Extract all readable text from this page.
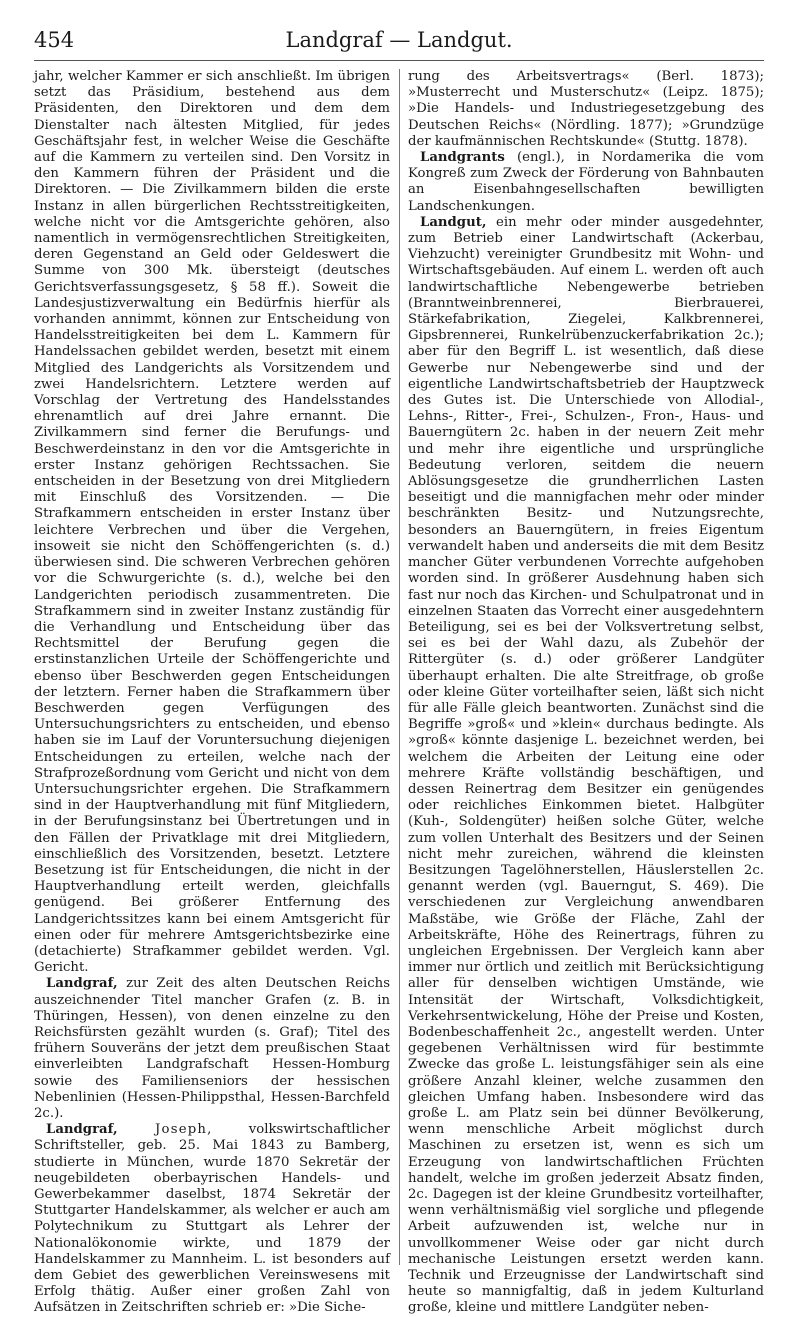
454	Landgraf — Landgut.

jahr, welcher Kammer er sich anschließt. Im übrigen setzt das Präsidium, bestehend aus dem Präsidenten, den Direktoren und dem dem Dienstalter nach ältesten Mitglied, für jedes Geschäftsjahr fest, in welcher Weise die Geschäfte auf die Kammern zu verteilen sind. Den Vorsitz in den Kammern führen der Präsident und die Direktoren. — Die Zivilkammern bilden die erste Instanz in allen bürgerlichen Rechtsstreitigkeiten, welche nicht vor die Amtsgerichte gehören, also namentlich in vermögensrechtlichen Streitigkeiten, deren Gegenstand an Geld oder Geldeswert die Summe von 300 Mk. übersteigt (deutsches Gerichtsverfassungsgesetz, § 58 ff.). Soweit die Landesjustizverwaltung ein Bedürfnis hierfür als vorhanden annimmt, können zur Entscheidung von Handelsstreitigkeiten bei dem L. Kammern für Handelssachen gebildet werden, besetzt mit einem Mitglied des Landgerichts als Vorsitzendem und zwei Handelsrichtern. Letztere werden auf Vorschlag der Vertretung des Handelsstandes ehrenamtlich auf drei Jahre ernannt. Die Zivilkammern sind ferner die Berufungs- und Beschwerdeinstanz in den vor die Amtsgerichte in erster Instanz gehörigen Rechtssachen. Sie entscheiden in der Besetzung von drei Mitgliedern mit Einschluß des Vorsitzenden. — Die Strafkammern entscheiden in erster Instanz über leichtere Verbrechen und über die Vergehen, insoweit sie nicht den Schöffengerichten (s. d.) überwiesen sind. Die schweren Verbrechen gehören vor die Schwurgerichte (s. d.), welche bei den Landgerichten periodisch zusammentreten. Die Strafkammern sind in zweiter Instanz zuständig für die Verhandlung und Entscheidung über das Rechtsmittel der Berufung gegen die erstinstanzlichen Urteile der Schöffengerichte und ebenso über Beschwerden gegen Entscheidungen der letztern. Ferner haben die Strafkammern über Beschwerden gegen Verfügungen des Untersuchungsrichters zu entscheiden, und ebenso haben sie im Lauf der Voruntersuchung diejenigen Entscheidungen zu erteilen, welche nach der Strafprozeßordnung vom Gericht und nicht von dem Untersuchungsrichter ergehen. Die Strafkammern sind in der Hauptverhandlung mit fünf Mitgliedern, in der Berufungsinstanz bei Übertretungen und in den Fällen der Privatklage mit drei Mitgliedern, einschließlich des Vorsitzenden, besetzt. Letztere Besetzung ist für Entscheidungen, die nicht in der Hauptverhandlung erteilt werden, gleichfalls genügend. Bei größerer Entfernung des Landgerichtssitzes kann bei einem Amtsgericht für einen oder für mehrere Amtsgerichtsbezirke eine (detachierte) Strafkammer gebildet werden. Vgl. Gericht.

Landgraf, zur Zeit des alten Deutschen Reichs auszeichnender Titel mancher Grafen (z. B. in Thüringen, Hessen), von denen einzelne zu den Reichsfürsten gezählt wurden (s. Graf); Titel des frühern Souveräns der jetzt dem preußischen Staat einverleibten Landgrafschaft Hessen-Homburg sowie des Familienseniors der hessischen Nebenlinien (Hessen-Philippsthal, Hessen-Barchfeld 2c.).

Landgraf, Joseph, volkswirtschaftlicher Schriftsteller, geb. 25. Mai 1843 zu Bamberg, studierte in München, wurde 1870 Sekretär der neugebildeten oberbayrischen Handels- und Gewerbekammer daselbst, 1874 Sekretär der Stuttgarter Handelskammer, als welcher er auch am Polytechnikum zu Stuttgart als Lehrer der Nationalökonomie wirkte, und 1879 der Handelskammer zu Mannheim. L. ist besonders auf dem Gebiet des gewerblichen Vereinswesens mit Erfolg thätig. Außer einer großen Zahl von Aufsätzen in Zeitschriften schrieb er: »Die Siche-

rung des Arbeitsvertrags« (Berl. 1873); »Musterrecht und Musterschutz« (Leipz. 1875); »Die Handels- und Industriegesetzgebung des Deutschen Reichs« (Nördling. 1877); »Grundzüge der kaufmännischen Rechtskunde« (Stuttg. 1878).

Landgrants (engl.), in Nordamerika die vom Kongreß zum Zweck der Förderung von Bahnbauten an Eisenbahngesellschaften bewilligten Landschenkungen.

Landgut, ein mehr oder minder ausgedehnter, zum Betrieb einer Landwirtschaft (Ackerbau, Viehzucht) vereinigter Grundbesitz mit Wohn- und Wirtschaftsgebäuden. Auf einem L. werden oft auch landwirtschaftliche Nebengewerbe betrieben (Branntweinbrennerei, Bierbrauerei, Stärkefabrikation, Ziegelei, Kalkbrennerei, Gipsbrennerei, Runkelrübenzuckerfabrikation 2c.); aber für den Begriff L. ist wesentlich, daß diese Gewerbe nur Nebengewerbe sind und der eigentliche Landwirtschaftsbetrieb der Hauptzweck des Gutes ist. Die Unterschiede von Allodial-, Lehns-, Ritter-, Frei-, Schulzen-, Fron-, Haus- und Bauerngütern 2c. haben in der neuern Zeit mehr und mehr ihre eigentliche und ursprüngliche Bedeutung verloren, seitdem die neuern Ablösungsgesetze die grundherrlichen Lasten beseitigt und die mannigfachen mehr oder minder beschränkten Besitz- und Nutzungsrechte, besonders an Bauerngütern, in freies Eigentum verwandelt haben und anderseits die mit dem Besitz mancher Güter verbundenen Vorrechte aufgehoben worden sind. In größerer Ausdehnung haben sich fast nur noch das Kirchen- und Schulpatronat und in einzelnen Staaten das Vorrecht einer ausgedehntern Beteiligung, sei es bei der Volksvertretung selbst, sei es bei der Wahl dazu, als Zubehör der Rittergüter (s. d.) oder größerer Landgüter überhaupt erhalten. Die alte Streitfrage, ob große oder kleine Güter vorteilhafter seien, läßt sich nicht für alle Fälle gleich beantworten. Zunächst sind die Begriffe »groß« und »klein« durchaus bedingte. Als »groß« könnte dasjenige L. bezeichnet werden, bei welchem die Arbeiten der Leitung eine oder mehrere Kräfte vollständig beschäftigen, und dessen Reinertrag dem Besitzer ein genügendes oder reichliches Einkommen bietet. Halbgüter (Kuh-, Soldengüter) heißen solche Güter, welche zum vollen Unterhalt des Besitzers und der Seinen nicht mehr zureichen, während die kleinsten Besitzungen Tagelöhnerstellen, Häuslerstellen 2c. genannt werden (vgl. Bauerngut, S. 469). Die verschiedenen zur Vergleichung anwendbaren Maßstäbe, wie Größe der Fläche, Zahl der Arbeitskräfte, Höhe des Reinertrags, führen zu ungleichen Ergebnissen. Der Vergleich kann aber immer nur örtlich und zeitlich mit Berücksichtigung aller für denselben wichtigen Umstände, wie Intensität der Wirtschaft, Volksdichtigkeit, Verkehrsentwickelung, Höhe der Preise und Kosten, Bodenbeschaffenheit 2c., angestellt werden. Unter gegebenen Verhältnissen wird für bestimmte Zwecke das große L. leistungsfähiger sein als eine größere Anzahl kleiner, welche zusammen den gleichen Umfang haben. Insbesondere wird das große L. am Platz sein bei dünner Bevölkerung, wenn menschliche Arbeit möglichst durch Maschinen zu ersetzen ist, wenn es sich um Erzeugung von landwirtschaftlichen Früchten handelt, welche im großen jederzeit Absatz finden, 2c. Dagegen ist der kleine Grundbesitz vorteilhafter, wenn verhältnismäßig viel sorgliche und pflegende Arbeit aufzuwenden ist, welche nur in unvollkommener Weise oder gar nicht durch mechanische Leistungen ersetzt werden kann. Technik und Erzeugnisse der Landwirtschaft sind heute so mannigfaltig, daß in jedem Kulturland große, kleine und mittlere Landgüter neben-
